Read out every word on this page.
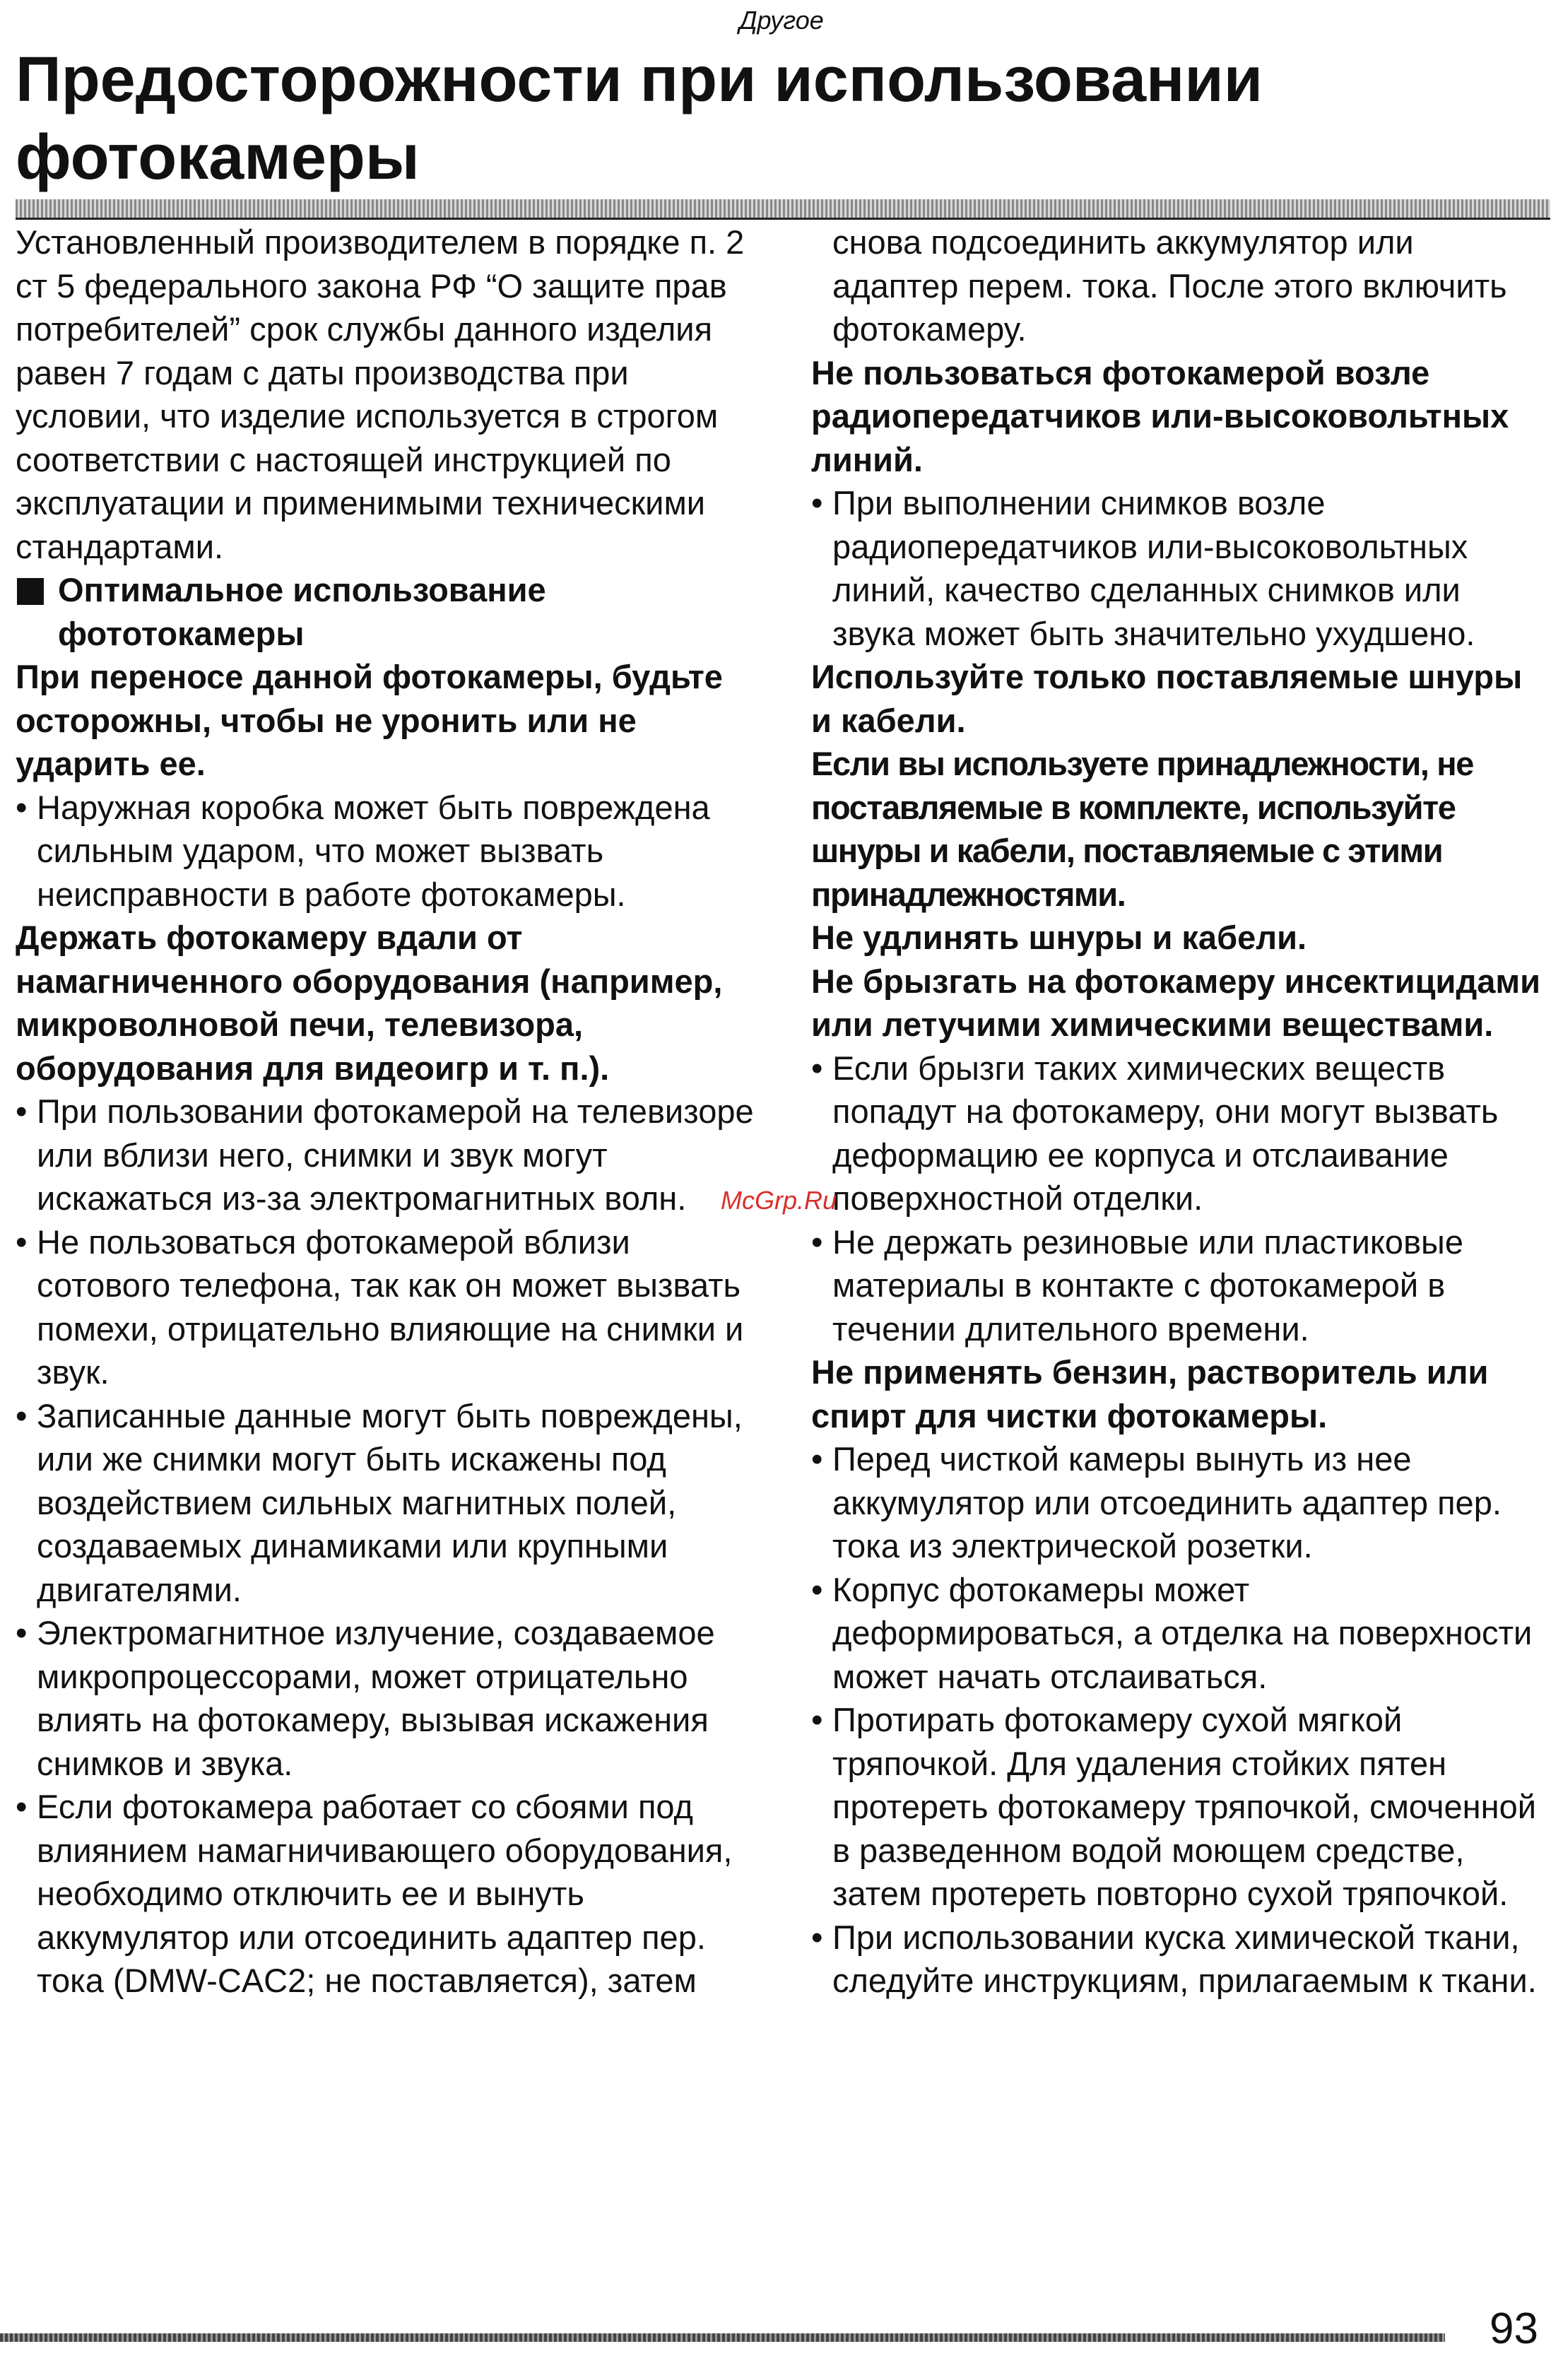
Другое
Предосторожности при использовании фотокамеры

Установленный производителем в порядке п. 2 ст 5 федерального закона РФ “О защите прав потребителей” срок службы данного изделия равен 7 годам с даты производства при условии, что изделие используется в строгом соответствии с настоящей инструкцией по эксплуатации и применимыми техническими стандартами.

Оптимальное использование фототокамеры

При переносе данной фотокамеры, будьте осторожны, чтобы не уронить или не ударить ее.

• Наружная коробка может быть повреждена сильным ударом, что может вызвать неисправности в работе фотокамеры.

Держать фотокамеру вдали от намагниченного оборудования (например, микроволновой печи, телевизора, оборудования для видеоигр и т. п.).

• При пользовании фотокамерой на телевизоре или вблизи него, снимки и звук могут искажаться из-за электромагнитных волн.

• Не пользоваться фотокамерой вблизи сотового телефона, так как он может вызвать помехи, отрицательно влияющие на снимки и звук.

• Записанные данные могут быть повреждены, или же снимки могут быть искажены под воздействием сильных магнитных полей, создаваемых динамиками или крупными двигателями.

• Электромагнитное излучение, создаваемое микропроцессорами, может отрицательно влиять на фотокамеру, вызывая искажения снимков и звука.

• Если фотокамера работает со сбоями под влиянием намагничивающего оборудования, необходимо отключить ее и вынуть аккумулятор или отсоединить адаптер пер. тока (DMW-CAC2; не поставляется), затем

снова подсоединить аккумулятор или адаптер перем. тока. После этого включить фотокамеру.

Не пользоваться фотокамерой возле радиопередатчиков или-высоковольтных линий.

• При выполнении снимков возле радиопередатчиков или-высоковольтных линий, качество сделанных снимков или звука может быть значительно ухудшено.

Используйте только поставляемые шнуры и кабели.

Если вы используете принадлежности, не поставляемые в комплекте, используйте шнуры и кабели, поставляемые с этими принадлежностями.

Не удлинять шнуры и кабели.

Не брызгать на фотокамеру инсектицидами или летучими химическими веществами.

• Если брызги таких химических веществ попадут на фотокамеру, они могут вызвать деформацию ее корпуса и отслаивание поверхностной отделки.

• Не держать резиновые или пластиковые материалы в контакте с фотокамерой в течении длительного времени.

Не применять бензин, растворитель или спирт для чистки фотокамеры.

• Перед чисткой камеры вынуть из нее аккумулятор или отсоединить адаптер пер. тока из электрической розетки.

• Корпус фотокамеры может деформироваться, а отделка на поверхности может начать отслаиваться.

• Протирать фотокамеру сухой мягкой тряпочкой. Для удаления стойких пятен протереть фотокамеру тряпочкой, смоченной в разведенном водой моющем средстве, затем протереть повторно сухой тряпочкой.

• При использовании куска химической ткани, следуйте инструкциям, прилагаемым к ткани.

McGrp.Ru
93
